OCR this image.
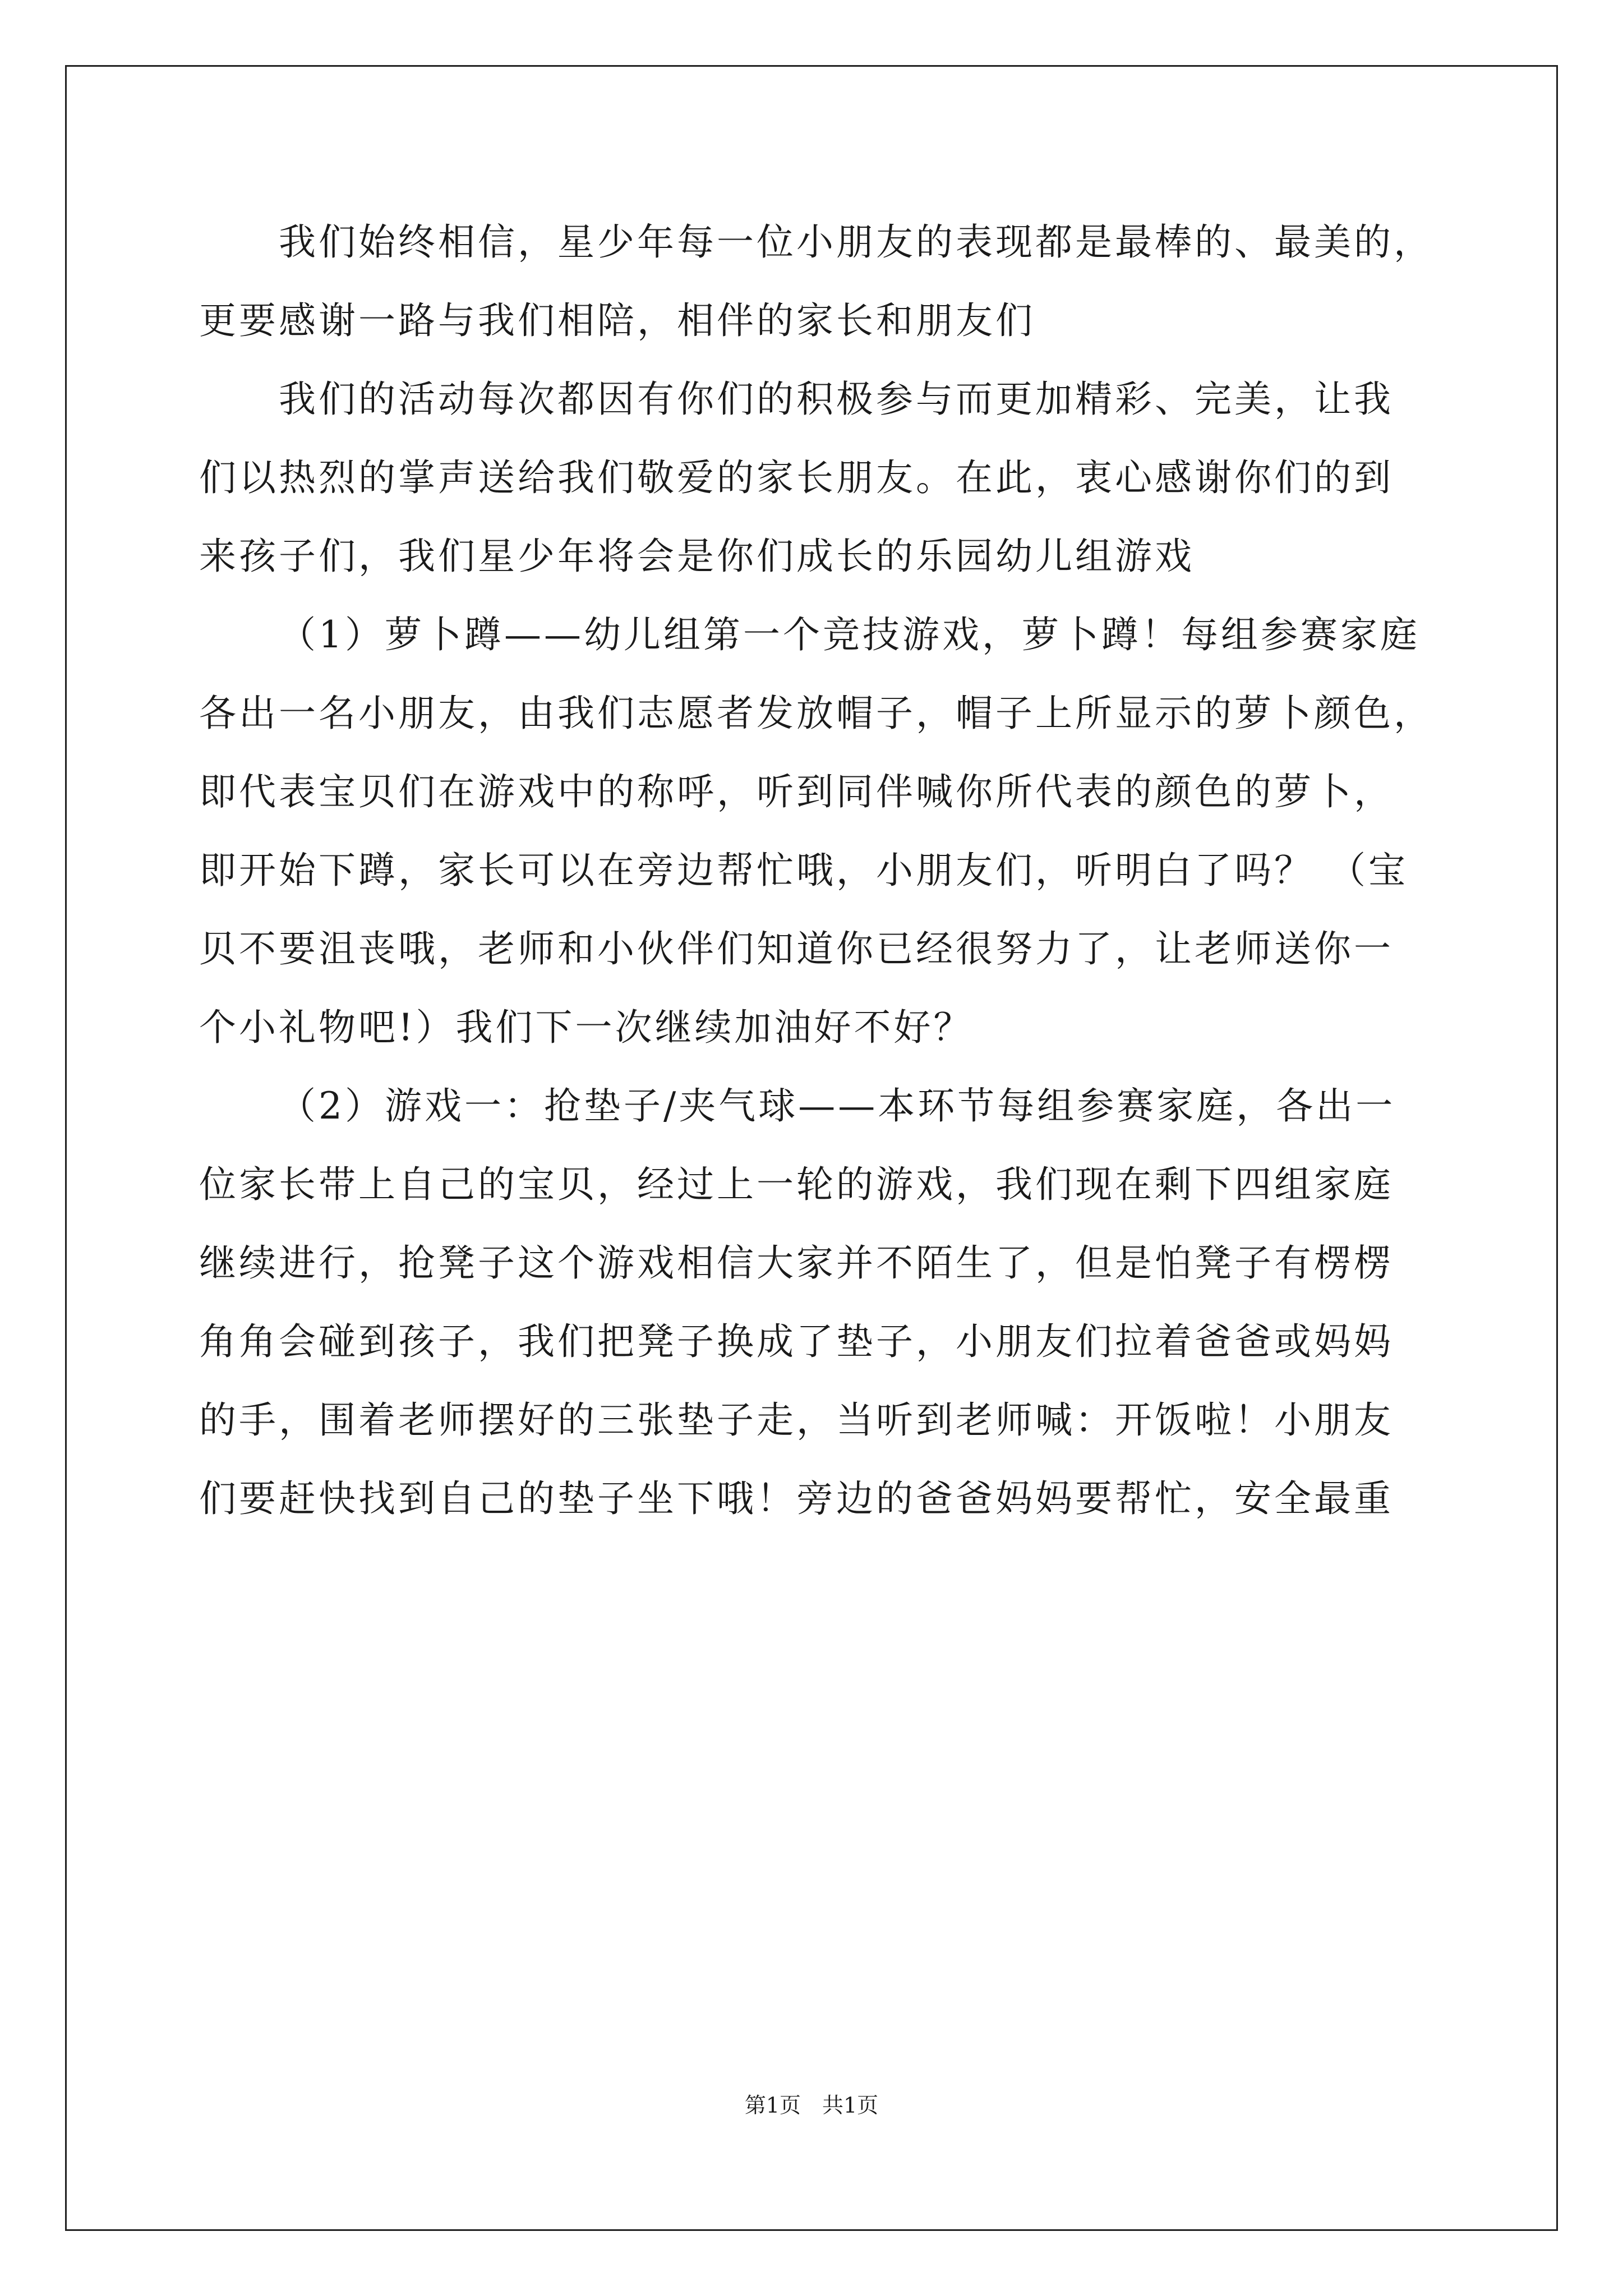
我们始终相信，星少年每一位小朋友的表现都是最棒的、最美的，
更要感谢一路与我们相陪，相伴的家长和朋友们
我们的活动每次都因有你们的积极参与而更加精彩、完美，让我
们以热烈的掌声送给我们敬爱的家长朋友。在此，衷心感谢你们的到
来孩子们，我们星少年将会是你们成长的乐园幼儿组游戏
（1）萝卜蹲——幼儿组第一个竞技游戏，萝卜蹲！每组参赛家庭
各出一名小朋友，由我们志愿者发放帽子，帽子上所显示的萝卜颜色，
即代表宝贝们在游戏中的称呼，听到同伴喊你所代表的颜色的萝卜，
即开始下蹲，家长可以在旁边帮忙哦，小朋友们，听明白了吗？ （宝
贝不要沮丧哦，老师和小伙伴们知道你已经很努力了，让老师送你一
个小礼物吧!）我们下一次继续加油好不好？
（2）游戏一：抢垫子/夹气球——本环节每组参赛家庭，各出一
位家长带上自己的宝贝，经过上一轮的游戏，我们现在剩下四组家庭
继续进行，抢凳子这个游戏相信大家并不陌生了，但是怕凳子有楞楞
角角会碰到孩子，我们把凳子换成了垫子，小朋友们拉着爸爸或妈妈
的手，围着老师摆好的三张垫子走，当听到老师喊：开饭啦！小朋友
们要赶快找到自己的垫子坐下哦！旁边的爸爸妈妈要帮忙，安全最重
第1页　共1页
